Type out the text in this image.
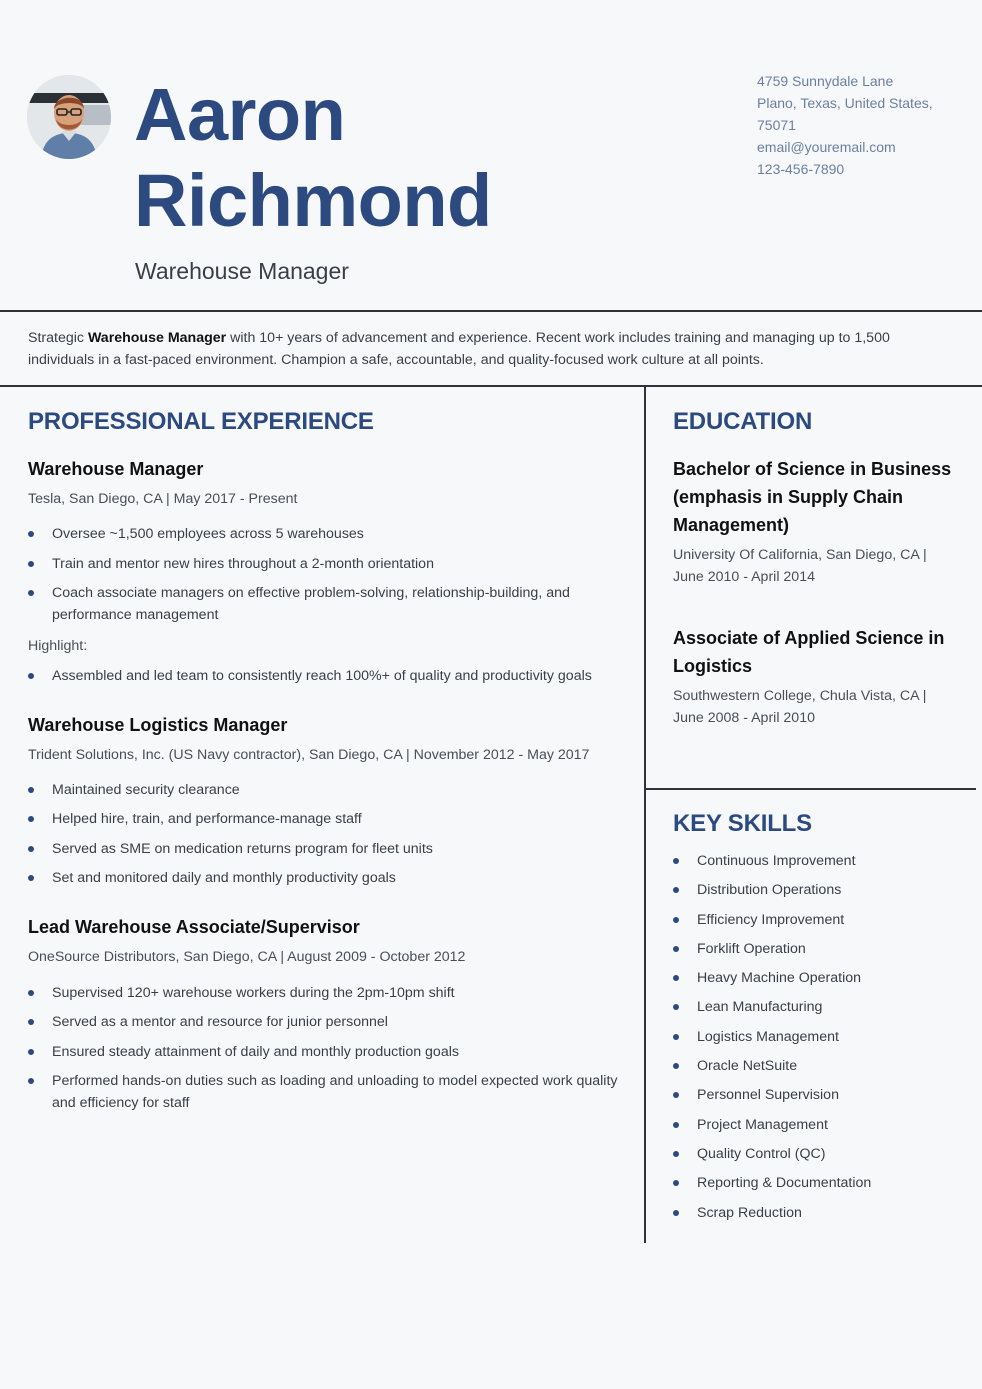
Aaron
Richmond
Warehouse Manager
4759 Sunnydale Lane
Plano, Texas, United States,
75071
email@youremail.com
123-456-7890
Strategic Warehouse Manager with 10+ years of advancement and experience. Recent work includes training and managing up to 1,500 individuals in a fast-paced environment. Champion a safe, accountable, and quality-focused work culture at all points.
PROFESSIONAL EXPERIENCE
Warehouse Manager
Tesla, San Diego, CA | May 2017 - Present
Oversee ~1,500 employees across 5 warehouses
Train and mentor new hires throughout a 2-month orientation
Coach associate managers on effective problem-solving, relationship-building, and performance management
Highlight:
Assembled and led team to consistently reach 100%+ of quality and productivity goals
Warehouse Logistics Manager
Trident Solutions, Inc. (US Navy contractor), San Diego, CA | November 2012 - May 2017
Maintained security clearance
Helped hire, train, and performance-manage staff
Served as SME on medication returns program for fleet units
Set and monitored daily and monthly productivity goals
Lead Warehouse Associate/Supervisor
OneSource Distributors, San Diego, CA | August 2009 - October 2012
Supervised 120+ warehouse workers during the 2pm-10pm shift
Served as a mentor and resource for junior personnel
Ensured steady attainment of daily and monthly production goals
Performed hands-on duties such as loading and unloading to model expected work quality and efficiency for staff
EDUCATION
Bachelor of Science in Business (emphasis in Supply Chain Management)
University Of California, San Diego, CA | June 2010 - April 2014
Associate of Applied Science in Logistics
Southwestern College, Chula Vista, CA | June 2008 - April 2010
KEY SKILLS
Continuous Improvement
Distribution Operations
Efficiency Improvement
Forklift Operation
Heavy Machine Operation
Lean Manufacturing
Logistics Management
Oracle NetSuite
Personnel Supervision
Project Management
Quality Control (QC)
Reporting & Documentation
Scrap Reduction
